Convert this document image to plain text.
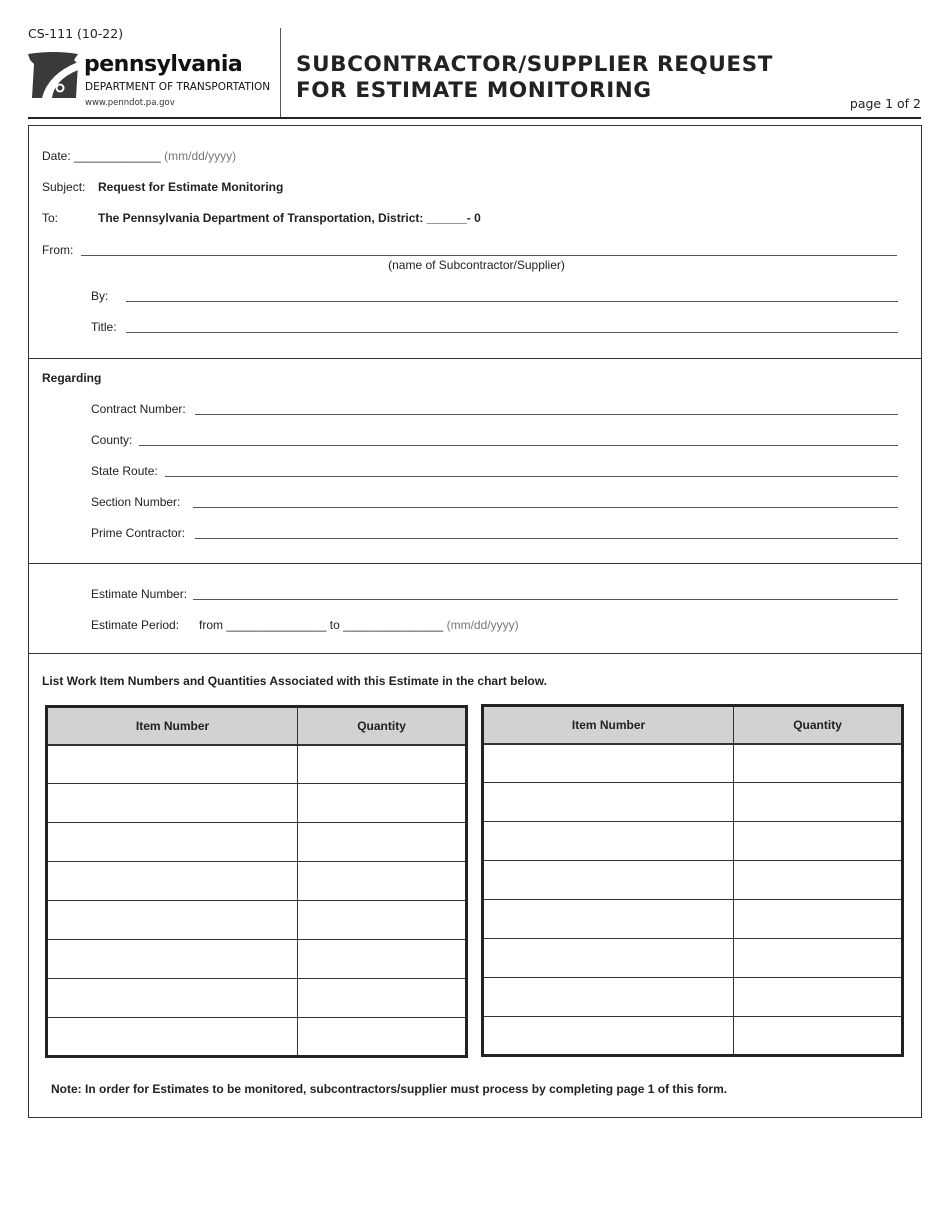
CS-111 (10-22)
pennsylvania
DEPARTMENT OF TRANSPORTATION
www.penndot.pa.gov
SUBCONTRACTOR/SUPPLIER REQUEST
FOR ESTIMATE MONITORING
page 1 of 2
Date: _____________ (mm/dd/yyyy)
Subject: Request for Estimate Monitoring
To:	The Pennsylvania Department of Transportation, District: ______- 0
From:
(name of Subcontractor/Supplier)
By:
Title:
Regarding
Contract Number:
County:
State Route:
Section Number:
Prime Contractor:
Estimate Number:
Estimate Period: from _______________ to _______________ (mm/dd/yyyy)
List Work Item Numbers and Quantities Associated with this Estimate in the chart below.
Item Number	Quantity

		Item Number	Quantity

Note: In order for Estimates to be monitored, subcontractors/supplier must process by completing page 1 of this form.
